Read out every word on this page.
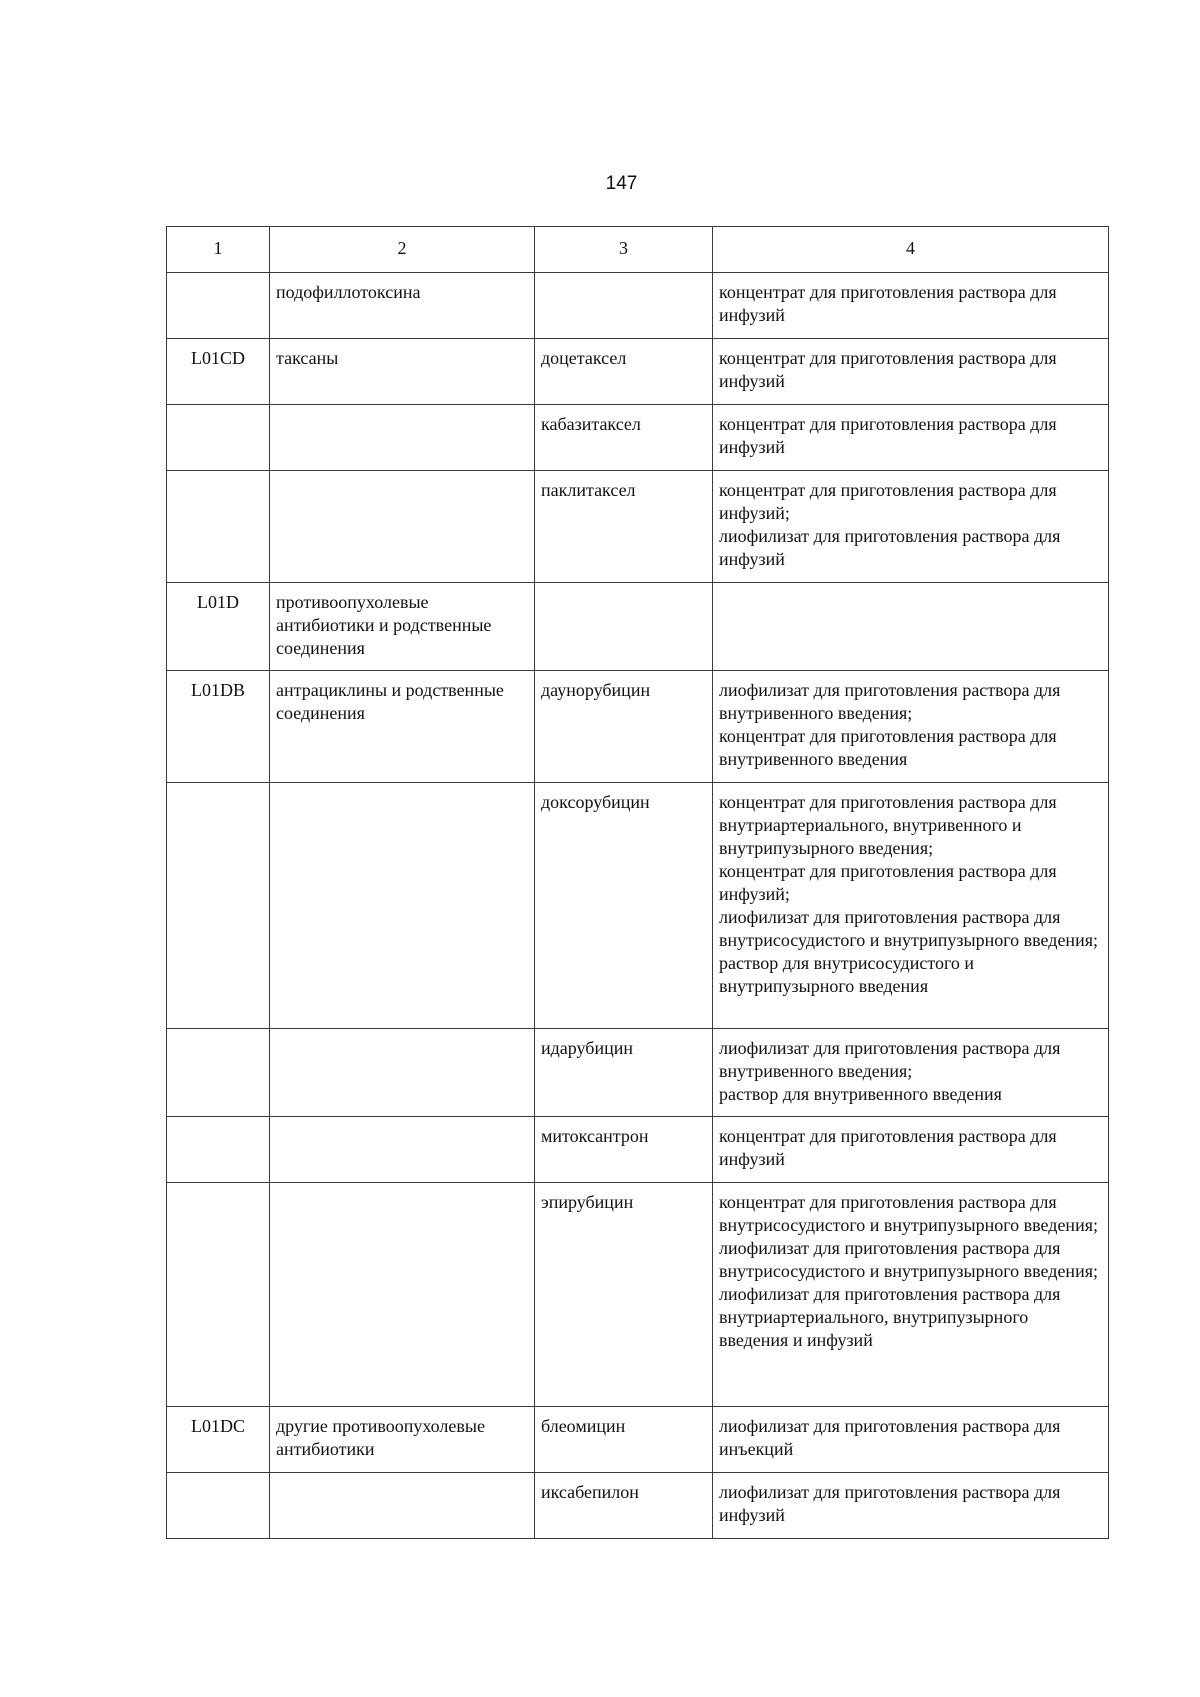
147
1	2	3	4
	подофиллотоксина		концентрат для приготовления раствора для инфузий

L01CD	таксаны	доцетаксел	концентрат для приготовления раствора для инфузий

		кабазитаксел	концентрат для приготовления раствора для инфузий

		паклитаксел	концентрат для приготовления раствора для инфузий;
лиофилизат для приготовления раствора для инфузий

L01D	противоопухолевые антибиотики и родственные соединения		
L01DB	антрациклины и родственные соединения	даунорубицин	лиофилизат для приготовления раствора для внутривенного введения;
концентрат для приготовления раствора для внутривенного введения

		доксорубицин	концентрат для приготовления раствора для внутриартериального, внутривенного и внутрипузырного введения;
концентрат для приготовления раствора для инфузий;
лиофилизат для приготовления раствора для внутрисосудистого и внутрипузырного введения;
раствор для внутрисосудистого и внутрипузырного введения

		идарубицин	лиофилизат для приготовления раствора для внутривенного введения;
раствор для внутривенного введения

		митоксантрон	концентрат для приготовления раствора для инфузий

		эпирубицин	концентрат для приготовления раствора для внутрисосудистого и внутрипузырного введения;
лиофилизат для приготовления раствора для внутрисосудистого и внутрипузырного введения;
лиофилизат для приготовления раствора для внутриартериального, внутрипузырного введения и инфузий

L01DC	другие противоопухолевые антибиотики	блеомицин	лиофилизат для приготовления раствора для инъекций

		иксабепилон	лиофилизат для приготовления раствора для инфузий
